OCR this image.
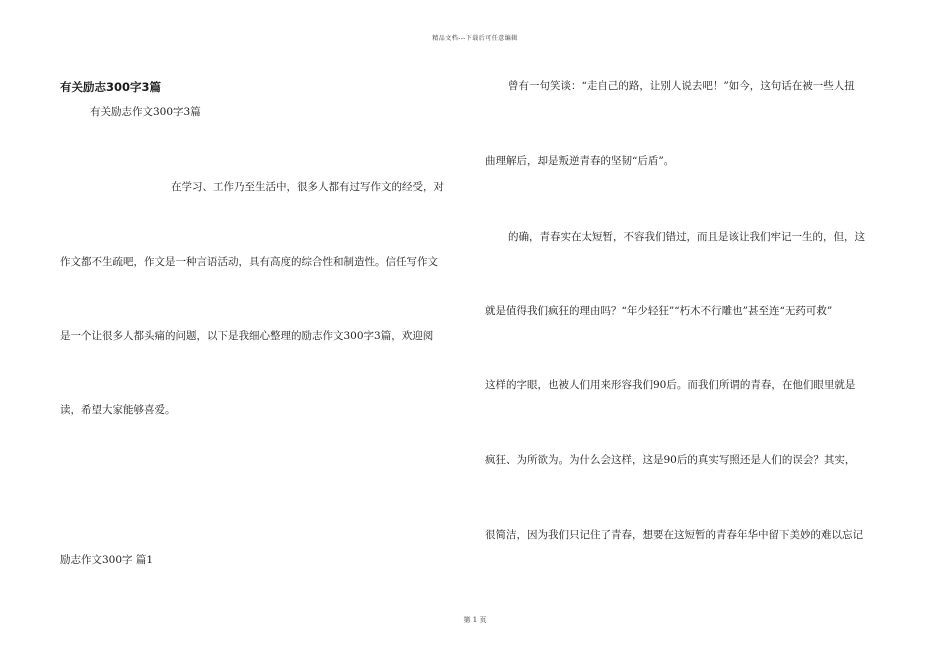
精品文档---下载后可任意编辑
有关励志300字3篇
有关励志作文300字3篇
在学习、工作乃至生活中，很多人都有过写作文的经受，对
作文都不生疏吧，作文是一种言语活动，具有高度的综合性和制造性。信任写作文
是一个让很多人都头痛的问题，以下是我细心整理的励志作文300字3篇，欢迎阅
读，希望大家能够喜爱。
励志作文300字 篇1
曾有一句笑谈：“走自己的路，让别人说去吧！”如今，这句话在被一些人扭
曲理解后，却是叛逆青春的坚韧“后盾”。
的确，青春实在太短暂，不容我们错过，而且是该让我们牢记一生的，但，这
就是值得我们疯狂的理由吗？“年少轻狂”“朽木不行雕也”甚至连“无药可救”
这样的字眼，也被人们用来形容我们90后。而我们所谓的青春，在他们眼里就是
疯狂、为所欲为。为什么会这样，这是90后的真实写照还是人们的误会？其实，
很简洁，因为我们只记住了青春，想要在这短暂的青春年华中留下美妙的难以忘记
第 1 页
